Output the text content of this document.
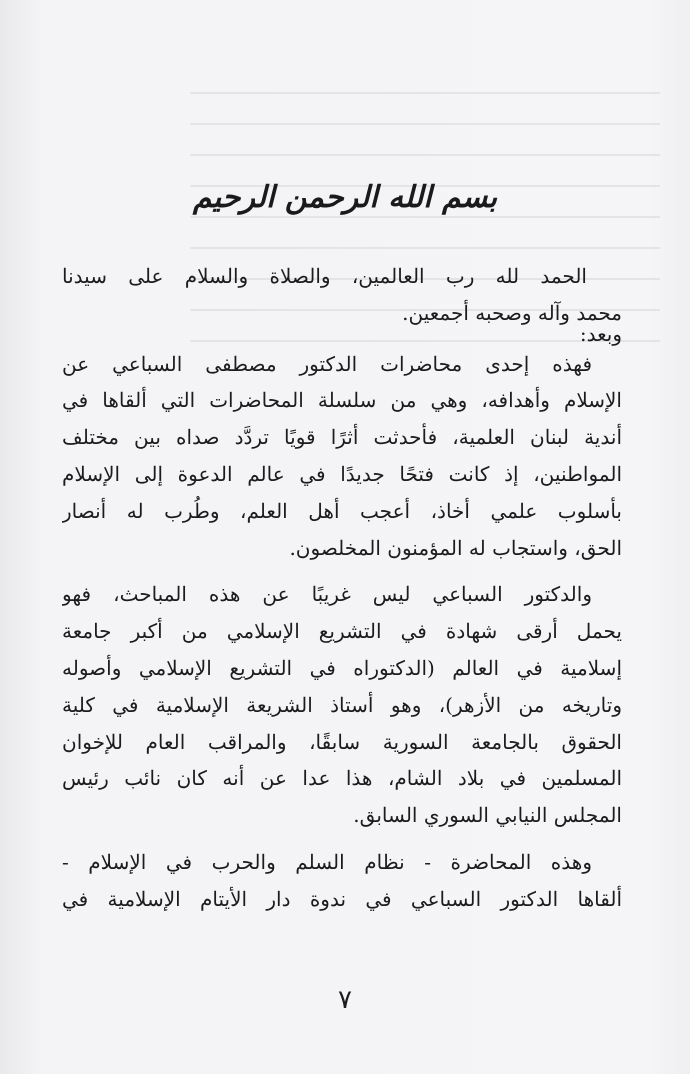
بسم الله الرحمن الرحيم
الحمد لله رب العالمين، والصلاة والسلام على سيدنا
محمد وآله وصحبه أجمعين.
وبعد:
فهذه إحدى محاضرات الدكتور مصطفى السباعي عن
الإسلام وأهدافه، وهي من سلسلة المحاضرات التي ألقاها في
أندية لبنان العلمية، فأحدثت أثرًا قويًا تردَّد صداه بين مختلف
المواطنين، إذ كانت فتحًا جديدًا في عالم الدعوة إلى الإسلام
بأسلوب علمي أخاذ، أعجب أهل العلم، وطُرب له أنصار
الحق، واستجاب له المؤمنون المخلصون.
والدكتور السباعي ليس غريبًا عن هذه المباحث، فهو
يحمل أرقى شهادة في التشريع الإسلامي من أكبر جامعة
إسلامية في العالم (الدكتوراه في التشريع الإسلامي وأصوله
وتاريخه من الأزهر)، وهو أستاذ الشريعة الإسلامية في كلية
الحقوق بالجامعة السورية سابقًا، والمراقب العام للإخوان
المسلمين في بلاد الشام، هذا عدا عن أنه كان نائب رئيس
المجلس النيابي السوري السابق.
وهذه المحاضرة - نظام السلم والحرب في الإسلام -
ألقاها الدكتور السباعي في ندوة دار الأيتام الإسلامية في
٧
